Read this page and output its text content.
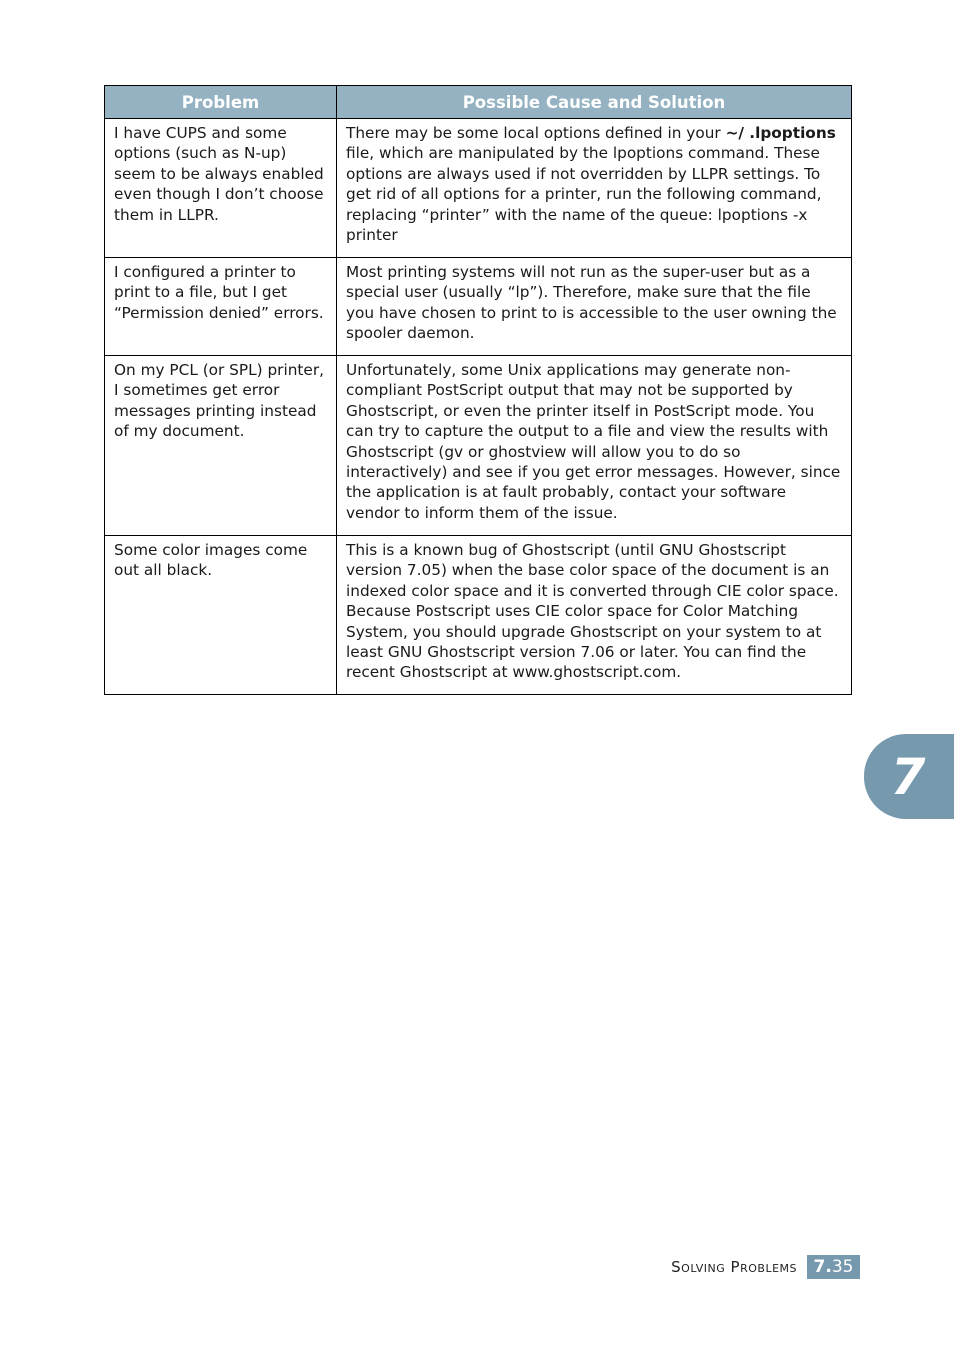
Problem	Possible Cause and Solution
I have CUPS and some options (such as N-up) seem to be always enabled even though I don’t choose them in LLPR.	There may be some local options defined in your ~/ .lpoptions file, which are manipulated by the lpoptions command. These options are always used if not overridden by LLPR settings. To get rid of all options for a printer, run the following command, replacing “printer” with the name of the queue: lpoptions -x printer
I configured a printer to print to a file, but I get “Permission denied” errors.	Most printing systems will not run as the super-user but as a special user (usually “lp”). Therefore, make sure that the file you have chosen to print to is accessible to the user owning the spooler daemon.
On my PCL (or SPL) printer, I sometimes get error messages printing instead of my document.	Unfortunately, some Unix applications may generate non-compliant PostScript output that may not be supported by Ghostscript, or even the printer itself in PostScript mode. You can try to capture the output to a file and view the results with Ghostscript (gv or ghostview will allow you to do so interactively) and see if you get error messages. However, since the application is at fault probably, contact your software vendor to inform them of the issue.
Some color images come out all black.	This is a known bug of Ghostscript (until GNU Ghostscript version 7.05) when the base color space of the document is an indexed color space and it is converted through CIE color space. Because Postscript uses CIE color space for Color Matching System, you should upgrade Ghostscript on your system to at least GNU Ghostscript version 7.06 or later. You can find the recent Ghostscript at www.ghostscript.com.
7
Solving Problems 7.35
